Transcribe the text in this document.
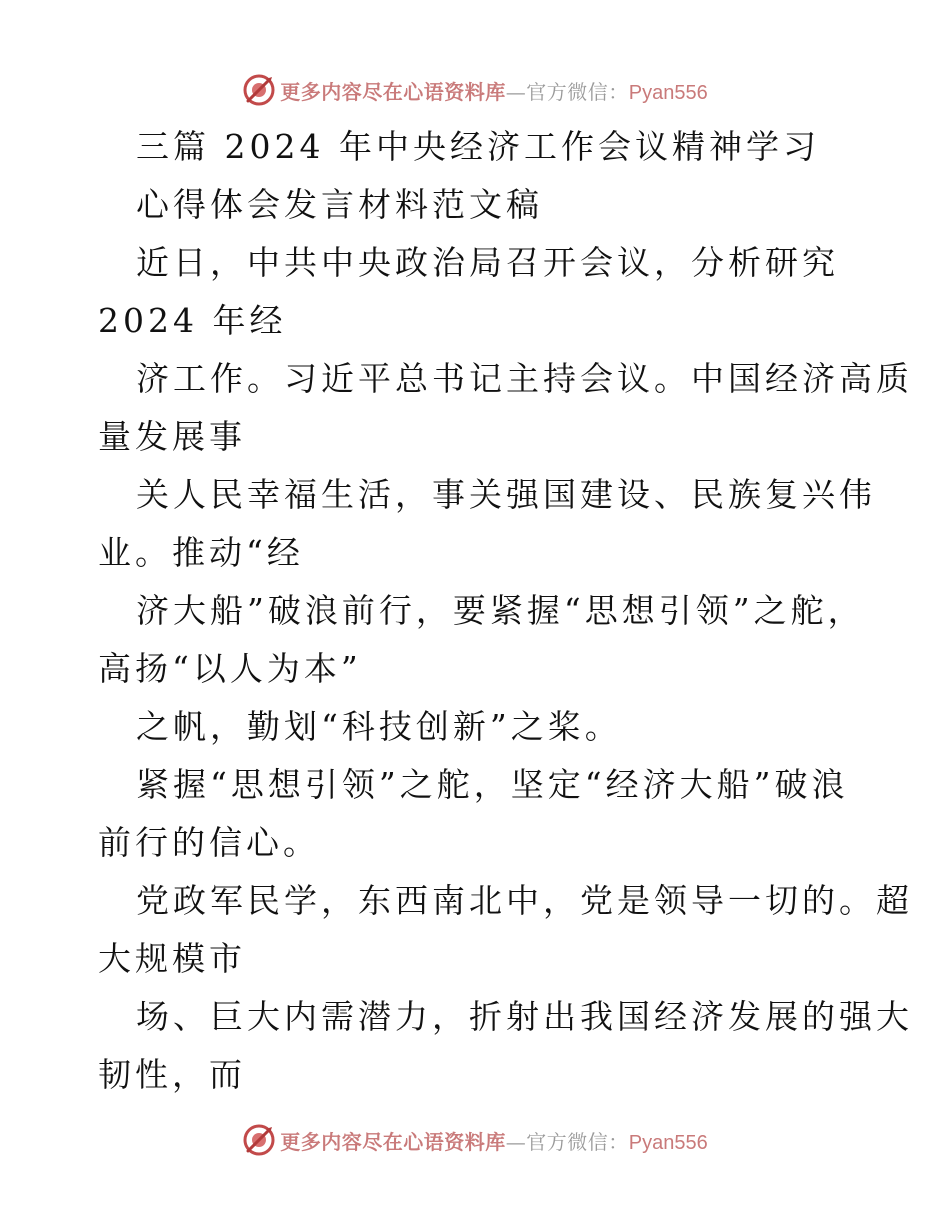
更多内容尽在心语资料库 —官方微信： Pyan556
三篇 2024 年中央经济工作会议精神学习
心得体会发言材料范文稿
近日，中共中央政治局召开会议，分析研究
2024 年经
济工作。习近平总书记主持会议。中国经济高质
量发展事
关人民幸福生活，事关强国建设、民族复兴伟
业。推动“经
济大船”破浪前行，要紧握“思想引领”之舵，
高扬“以人为本”
之帆，勤划“科技创新”之桨。
紧握“思想引领”之舵，坚定“经济大船”破浪
前行的信心。
党政军民学，东西南北中，党是领导一切的。超
大规模市
场、巨大内需潜力，折射出我国经济发展的强大
韧性，而
更多内容尽在心语资料库 —官方微信： Pyan556
